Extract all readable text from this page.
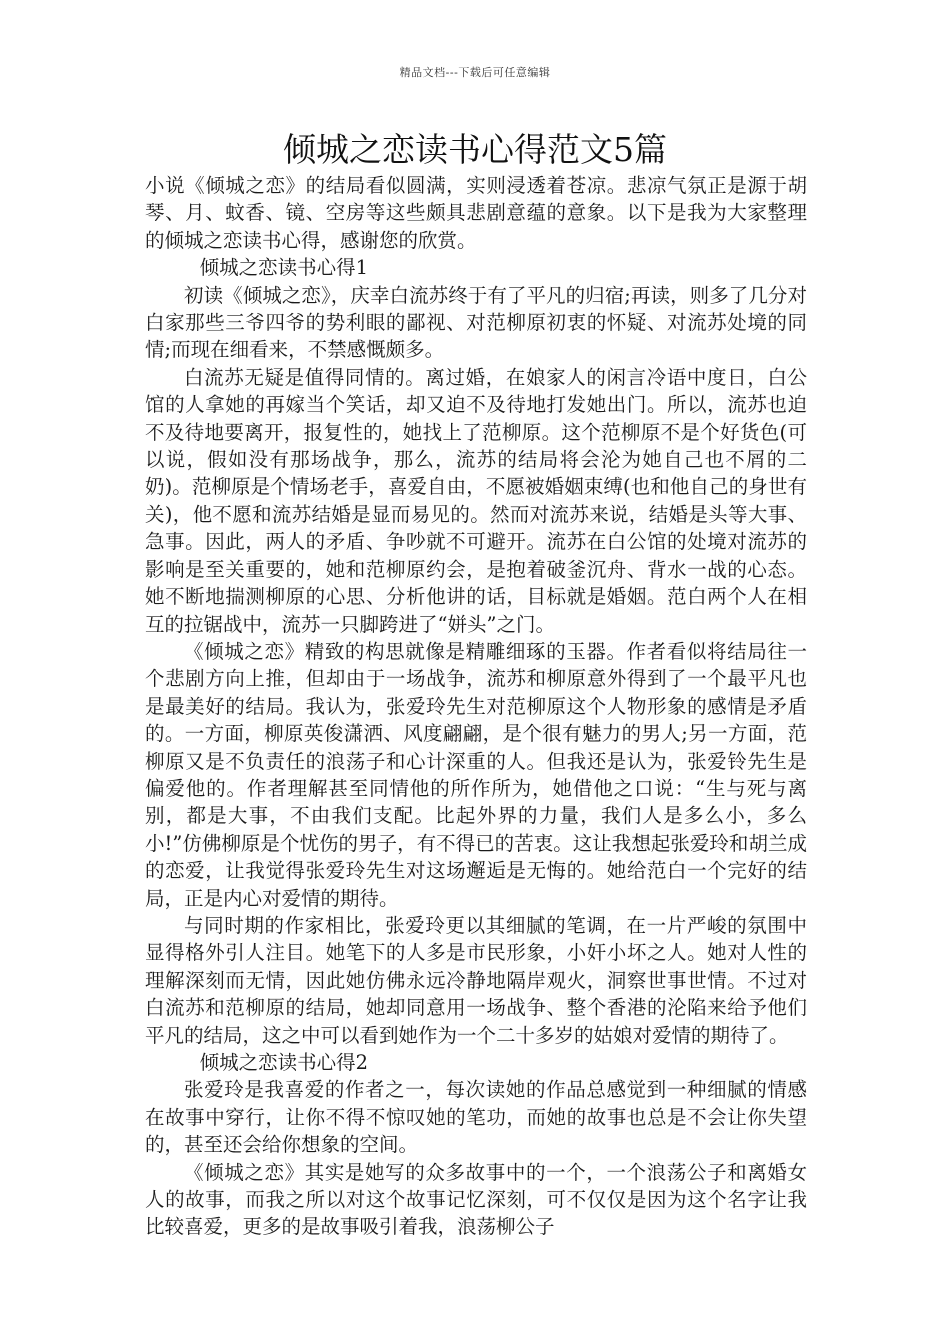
精品文档---下载后可任意编辑
倾城之恋读书心得范文5篇

小说《倾城之恋》的结局看似圆满，实则浸透着苍凉。悲凉气氛正是源于胡琴、月、蚊香、镜、空房等这些颇具悲剧意蕴的意象。以下是我为大家整理的倾城之恋读书心得，感谢您的欣赏。

倾城之恋读书心得1

初读《倾城之恋》，庆幸白流苏终于有了平凡的归宿;再读，则多了几分对白家那些三爷四爷的势利眼的鄙视、对范柳原初衷的怀疑、对流苏处境的同情;而现在细看来，不禁感慨颇多。

白流苏无疑是值得同情的。离过婚，在娘家人的闲言冷语中度日，白公馆的人拿她的再嫁当个笑话，却又迫不及待地打发她出门。所以，流苏也迫不及待地要离开，报复性的，她找上了范柳原。这个范柳原不是个好货色(可以说，假如没有那场战争，那么，流苏的结局将会沦为她自己也不屑的二奶)。范柳原是个情场老手，喜爱自由，不愿被婚姻束缚(也和他自己的身世有关)，他不愿和流苏结婚是显而易见的。然而对流苏来说，结婚是头等大事、急事。因此，两人的矛盾、争吵就不可避开。流苏在白公馆的处境对流苏的影响是至关重要的，她和范柳原约会，是抱着破釜沉舟、背水一战的心态。她不断地揣测柳原的心思、分析他讲的话，目标就是婚姻。范白两个人在相互的拉锯战中，流苏一只脚跨进了“姘头”之门。

《倾城之恋》精致的构思就像是精雕细琢的玉器。作者看似将结局往一个悲剧方向上推，但却由于一场战争，流苏和柳原意外得到了一个最平凡也是最美好的结局。我认为，张爱玲先生对范柳原这个人物形象的感情是矛盾的。一方面，柳原英俊潇洒、风度翩翩，是个很有魅力的男人;另一方面，范柳原又是不负责任的浪荡子和心计深重的人。但我还是认为，张爱铃先生是偏爱他的。作者理解甚至同情他的所作所为，她借他之口说：“生与死与离别，都是大事，不由我们支配。比起外界的力量，我们人是多么小，多么小!”仿佛柳原是个忧伤的男子，有不得已的苦衷。这让我想起张爱玲和胡兰成的恋爱，让我觉得张爱玲先生对这场邂逅是无悔的。她给范白一个完好的结局，正是内心对爱情的期待。

与同时期的作家相比，张爱玲更以其细腻的笔调，在一片严峻的氛围中显得格外引人注目。她笔下的人多是市民形象，小奸小坏之人。她对人性的理解深刻而无情，因此她仿佛永远冷静地隔岸观火，洞察世事世情。不过对白流苏和范柳原的结局，她却同意用一场战争、整个香港的沦陷来给予他们平凡的结局，这之中可以看到她作为一个二十多岁的姑娘对爱情的期待了。

倾城之恋读书心得2

张爱玲是我喜爱的作者之一，每次读她的作品总感觉到一种细腻的情感在故事中穿行，让你不得不惊叹她的笔功，而她的故事也总是不会让你失望的，甚至还会给你想象的空间。

《倾城之恋》其实是她写的众多故事中的一个，一个浪荡公子和离婚女人的故事，而我之所以对这个故事记忆深刻，可不仅仅是因为这个名字让我比较喜爱，更多的是故事吸引着我，浪荡柳公子
